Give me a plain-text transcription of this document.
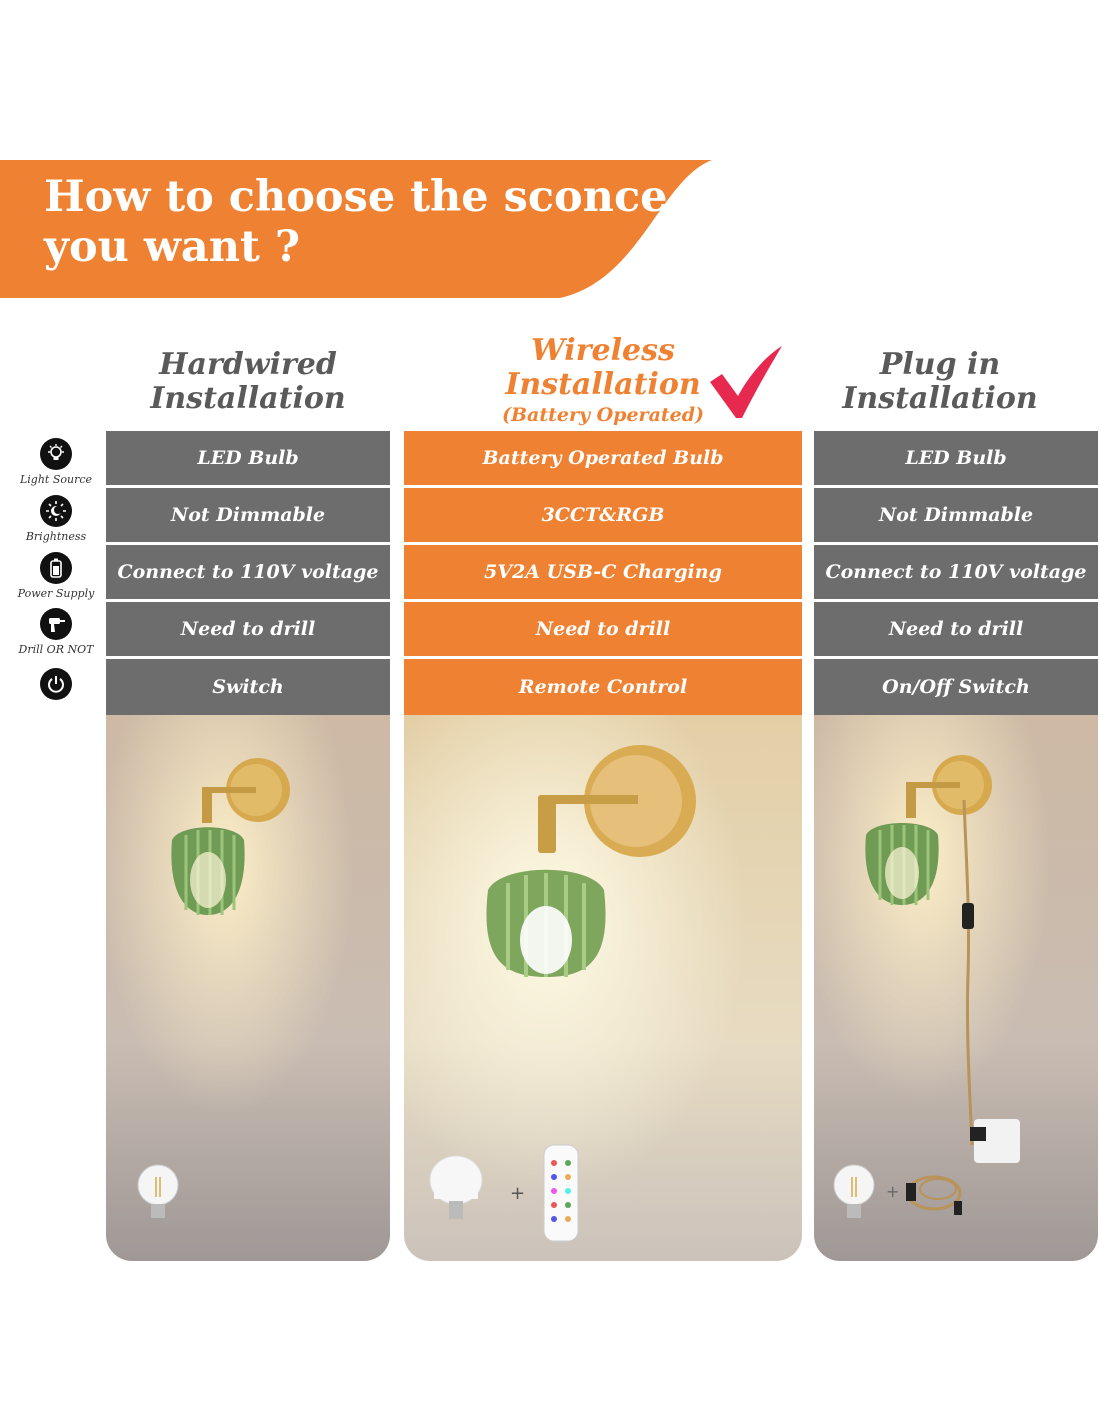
How to choose the sconce you want ?
Hardwired
Installation
Wireless
Installation
(Battery Operated)
Plug in
Installation
Light Source
Brightness
Power Supply
Drill OR NOT
LED Bulb
Not Dimmable
Connect to 110V voltage
Need to drill
Switch
Battery Operated Bulb
3CCT&RGB
5V2A USB-C Charging
Need to drill
Remote Control
+
LED Bulb
Not Dimmable
Connect to 110V voltage
Need to drill
On/Off Switch
+
